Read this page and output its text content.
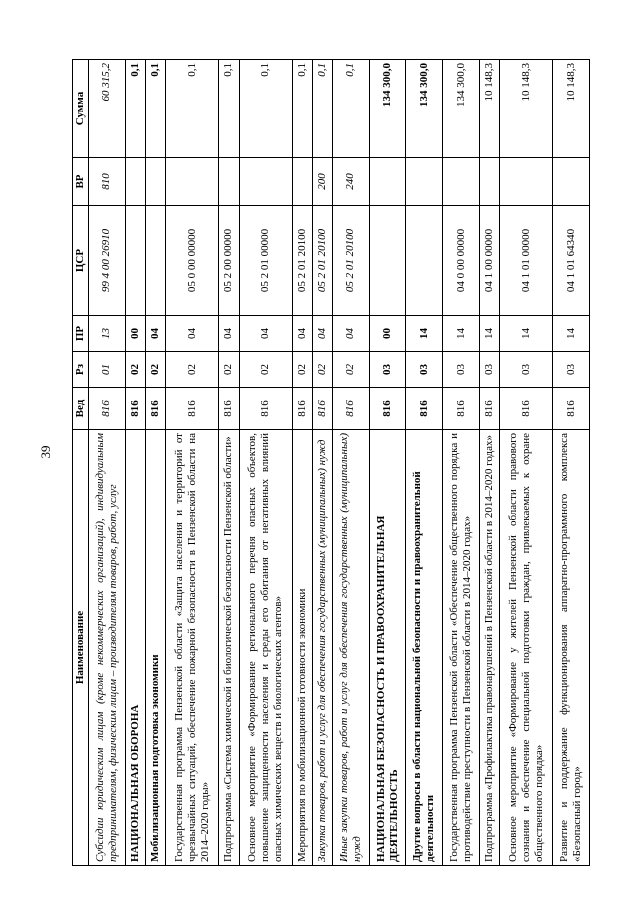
39
Наименование	Вед	Рз	ПР	ЦСР	ВР	Сумма
Субсидии юридическим лицам (кроме некоммерческих организаций), индивидуальным предпринимателям, физическим лицам – производителям товаров, работ, услуг	816	01	13	99 4 00 26910	810	60 315,2
НАЦИОНАЛЬНАЯ ОБОРОНА	816	02	00			0,1
Мобилизационная подготовка экономики	816	02	04			0,1
Государственная программа Пензенской области «Защита населения и территорий от чрезвычайных ситуаций, обеспечение пожарной безопасности в Пензенской области на 2014–2020 годы»	816	02	04	05 0 00 00000		0,1
Подпрограмма «Система химической и биологической безопасности Пензенской области»	816	02	04	05 2 00 00000		0,1
Основное мероприятие «Формирование регионального перечня опасных объектов, повышение защищенности населения и среды его обитания от негативных влияний опасных химических веществ и биологических агентов»	816	02	04	05 2 01 00000		0,1
Мероприятия по мобилизационной готовности экономики	816	02	04	05 2 01 20100		0,1
Закупка товаров, работ и услуг для обеспечения государственных (муниципальных) нужд	816	02	04	05 2 01 20100	200	0,1
Иные закупки товаров, работ и услуг для обеспечения государственных (муниципальных) нужд	816	02	04	05 2 01 20100	240	0,1
НАЦИОНАЛЬНАЯ БЕЗОПАСНОСТЬ И ПРАВООХРАНИТЕЛЬНАЯ ДЕЯТЕЛЬНОСТЬ	816	03	00			134 300,0
Другие вопросы в области национальной безопасности и правоохранительной деятельности	816	03	14			134 300,0
Государственная программа Пензенской области «Обеспечение общественного порядка и противодействие преступности в Пензенской области в 2014–2020 годах»	816	03	14	04 0 00 00000		134 300,0
Подпрограмма «Профилактика правонарушений в Пензенской области в 2014–2020 годах»	816	03	14	04 1 00 00000		10 148,3
Основное мероприятие «Формирование у жителей Пензенской области правового сознания и обеспечение специальной подготовки граждан, привлекаемых к охране общественного порядка»	816	03	14	04 1 01 00000		10 148,3
Развитие и поддержание функционирования аппаратно-программного комплекса «Безопасный город»	816	03	14	04 1 01 64340		10 148,3
